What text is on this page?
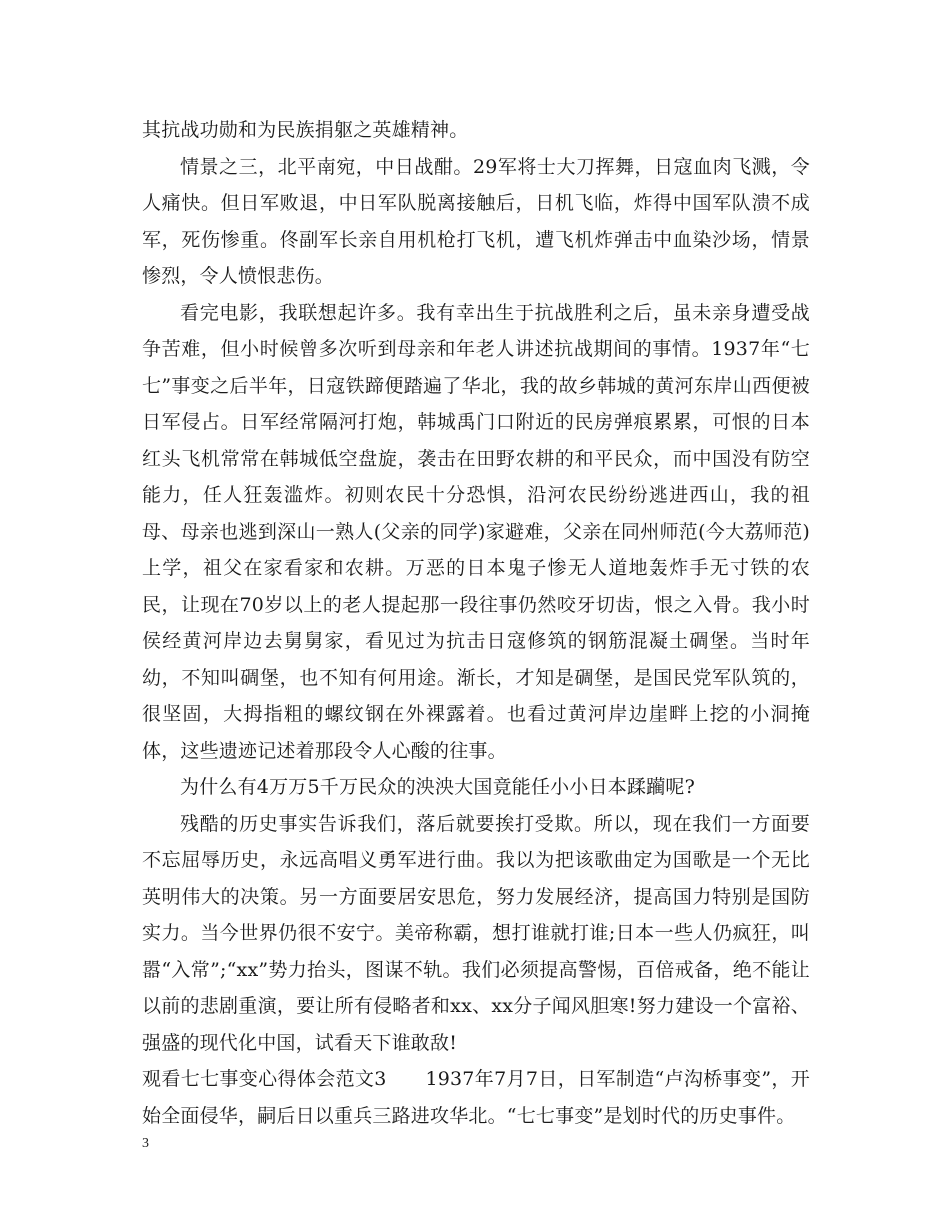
其抗战功勋和为民族捐躯之英雄精神。

情景之三，北平南宛，中日战酣。29军将士大刀挥舞，日寇血肉飞溅，令人痛快。但日军败退，中日军队脱离接触后，日机飞临，炸得中国军队溃不成军，死伤惨重。佟副军长亲自用机枪打飞机，遭飞机炸弹击中血染沙场，情景惨烈，令人愤恨悲伤。

看完电影，我联想起许多。我有幸出生于抗战胜利之后，虽未亲身遭受战争苦难，但小时候曾多次听到母亲和年老人讲述抗战期间的事情。1937年“七七”事变之后半年，日寇铁蹄便踏遍了华北，我的故乡韩城的黄河东岸山西便被日军侵占。日军经常隔河打炮，韩城禹门口附近的民房弹痕累累，可恨的日本红头飞机常常在韩城低空盘旋，袭击在田野农耕的和平民众，而中国没有防空能力，任人狂轰滥炸。初则农民十分恐惧，沿河农民纷纷逃进西山，我的祖母、母亲也逃到深山一熟人(父亲的同学)家避难，父亲在同州师范(今大荔师范)上学，祖父在家看家和农耕。万恶的日本鬼子惨无人道地轰炸手无寸铁的农民，让现在70岁以上的老人提起那一段往事仍然咬牙切齿，恨之入骨。我小时侯经黄河岸边去舅舅家，看见过为抗击日寇修筑的钢筋混凝土碉堡。当时年幼，不知叫碉堡，也不知有何用途。渐长，才知是碉堡，是国民党军队筑的，很坚固，大拇指粗的螺纹钢在外裸露着。也看过黄河岸边崖畔上挖的小洞掩体，这些遗迹记述着那段令人心酸的往事。

为什么有4万万5千万民众的泱泱大国竟能任小小日本蹂躏呢?

残酷的历史事实告诉我们，落后就要挨打受欺。所以，现在我们一方面要不忘屈辱历史，永远高唱义勇军进行曲。我以为把该歌曲定为国歌是一个无比英明伟大的决策。另一方面要居安思危，努力发展经济，提高国力特别是国防实力。当今世界仍很不安宁。美帝称霸，想打谁就打谁;日本一些人仍疯狂，叫嚣“入常”;“xx”势力抬头，图谋不轨。我们必须提高警惕，百倍戒备，绝不能让以前的悲剧重演，要让所有侵略者和xx、xx分子闻风胆寒!努力建设一个富裕、强盛的现代化中国，试看天下谁敢敌!

观看七七事变心得体会范文3　　1937年7月7日，日军制造“卢沟桥事变”，开始全面侵华，嗣后日以重兵三路进攻华北。“七七事变”是划时代的历史事件。

3
